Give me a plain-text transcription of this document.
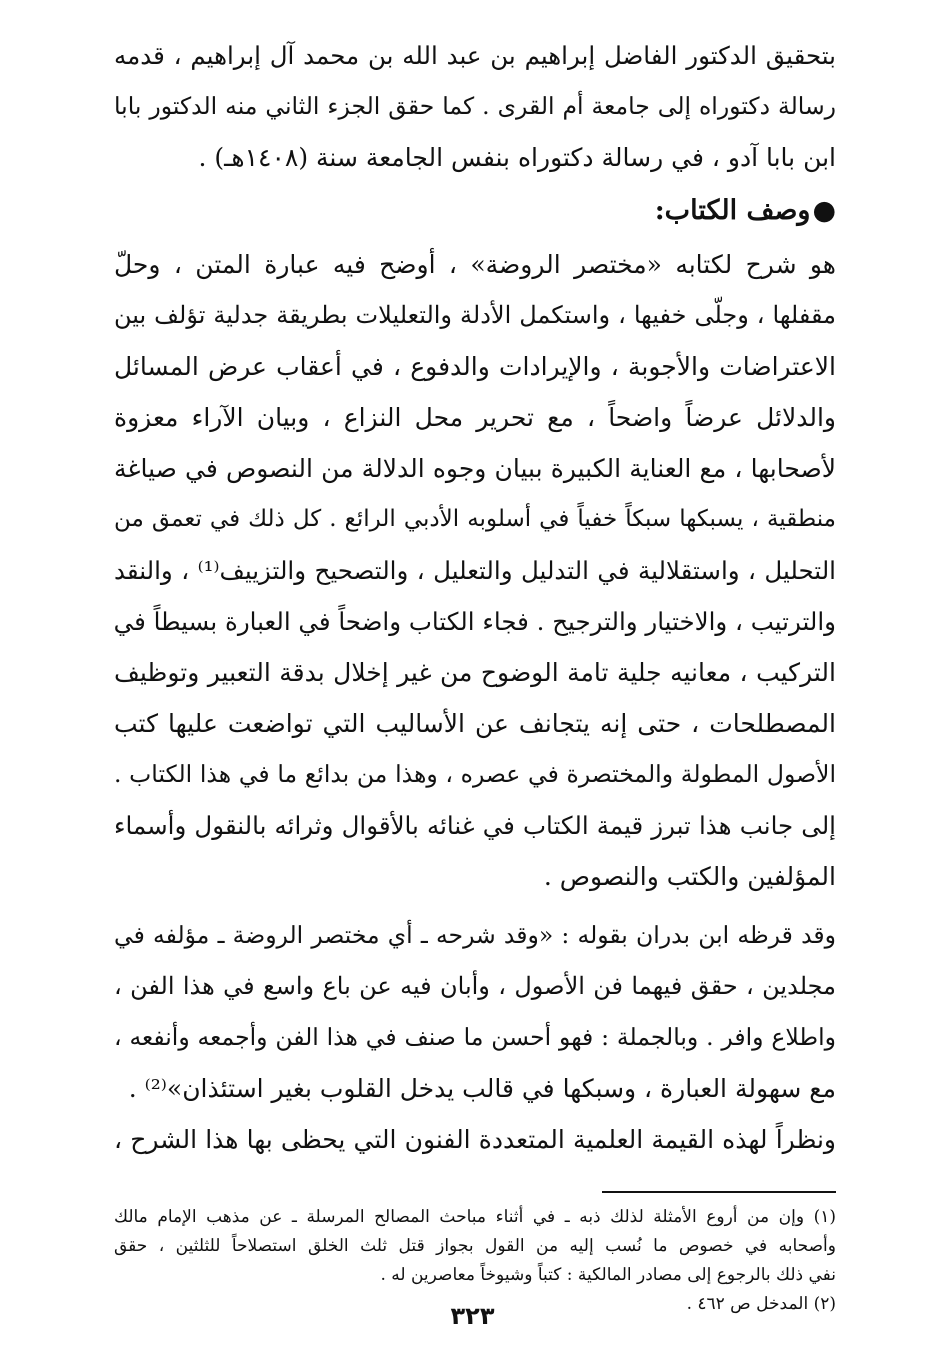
بتحقيق الدكتور الفاضل إبراهيم بن عبد الله بن محمد آل إبراهيم ، قدمه
رسالة دكتوراه إلى جامعة أم القرى . كما حقق الجزء الثاني منه الدكتور بابا
ابن بابا آدو ، في رسالة دكتوراه بنفس الجامعة سنة (١٤٠٨هـ) .
●وصف الكتاب:
هو شرح لكتابه «مختصر الروضة» ، أوضح فيه عبارة المتن ، وحلّ
مقفلها ، وجلّى خفيها ، واستكمل الأدلة والتعليلات بطريقة جدلية تؤلف بين
الاعتراضات والأجوبة ، والإيرادات والدفوع ، في أعقاب عرض المسائل
والدلائل عرضاً واضحاً ، مع تحرير محل النزاع ، وبيان الآراء معزوة
لأصحابها ، مع العناية الكبيرة ببيان وجوه الدلالة من النصوص في صياغة
منطقية ، يسبكها سبكاً خفياً في أسلوبه الأدبي الرائع . كل ذلك في تعمق من
التحليل ، واستقلالية في التدليل والتعليل ، والتصحيح والتزييف⁽¹⁾ ، والنقد
والترتيب ، والاختيار والترجيح . فجاء الكتاب واضحاً في العبارة بسيطاً في
التركيب ، معانيه جلية تامة الوضوح من غير إخلال بدقة التعبير وتوظيف
المصطلحات ، حتى إنه يتجانف عن الأساليب التي تواضعت عليها كتب
الأصول المطولة والمختصرة في عصره ، وهذا من بدائع ما في هذا الكتاب .
إلى جانب هذا تبرز قيمة الكتاب في غنائه بالأقوال وثرائه بالنقول وأسماء
المؤلفين والكتب والنصوص .
وقد قرظه ابن بدران بقوله : «وقد شرحه ـ أي مختصر الروضة ـ مؤلفه في
مجلدين ، حقق فيهما فن الأصول ، وأبان فيه عن باع واسع في هذا الفن ،
واطلاع وافر . وبالجملة : فهو أحسن ما صنف في هذا الفن وأجمعه وأنفعه ،
مع سهولة العبارة ، وسبكها في قالب يدخل القلوب بغير استئذان»⁽²⁾ .
ونظراً لهذه القيمة العلمية المتعددة الفنون التي يحظى بها هذا الشرح ،
(١) وإن من أروع الأمثلة لذلك ذبه ـ في أثناء مباحث المصالح المرسلة ـ عن مذهب الإمام مالك
وأصحابه في خصوص ما نُسب إليه من القول بجواز قتل ثلث الخلق استصلاحاً للثلثين ، حقق
نفي ذلك بالرجوع إلى مصادر المالكية : كتباً وشيوخاً معاصرين له .
(٢) المدخل ص ٤٦٢ .
٣٢٣
